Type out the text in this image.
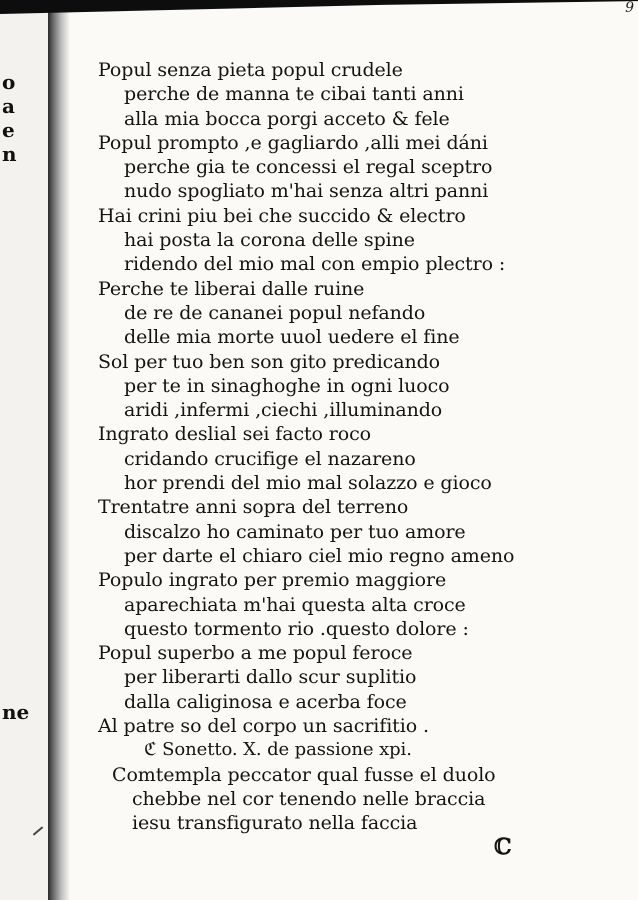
o
a
e
n
ne
9
Popul senza pieta popul crudele
perche de manna te cibai tanti anni
alla mia bocca porgi acceto & fele
Popul prompto ,e gagliardo ,alli mei dáni
perche gia te concessi el regal sceptro
nudo spogliato m'hai senza altri panni
Hai crini piu bei che succido & electro
hai posta la corona delle spine
ridendo del mio mal con empio plectro :
Perche te liberai dalle ruine
de re de cananei popul nefando
delle mia morte uuol uedere el fine
Sol per tuo ben son gito predicando
per te in sinaghoghe in ogni luoco
aridi ,infermi ,ciechi ,illuminando
Ingrato deslial sei facto roco
cridando crucifige el nazareno
hor prendi del mio mal solazzo e gioco
Trentatre anni sopra del terreno
discalzo ho caminato per tuo amore
per darte el chiaro ciel mio regno ameno
Populo ingrato per premio maggiore
aparechiata m'hai questa alta croce
questo tormento rio .questo dolore :
Popul superbo a me popul feroce
per liberarti dallo scur suplitio
dalla caliginosa e acerba foce
Al patre so del corpo un sacrifitio .
ℭ Sonetto. X. de passione xpi.
Comtempla peccator qual fusse el duolo
chebbe nel cor tenendo nelle braccia
iesu transfigurato nella faccia
ℂ
